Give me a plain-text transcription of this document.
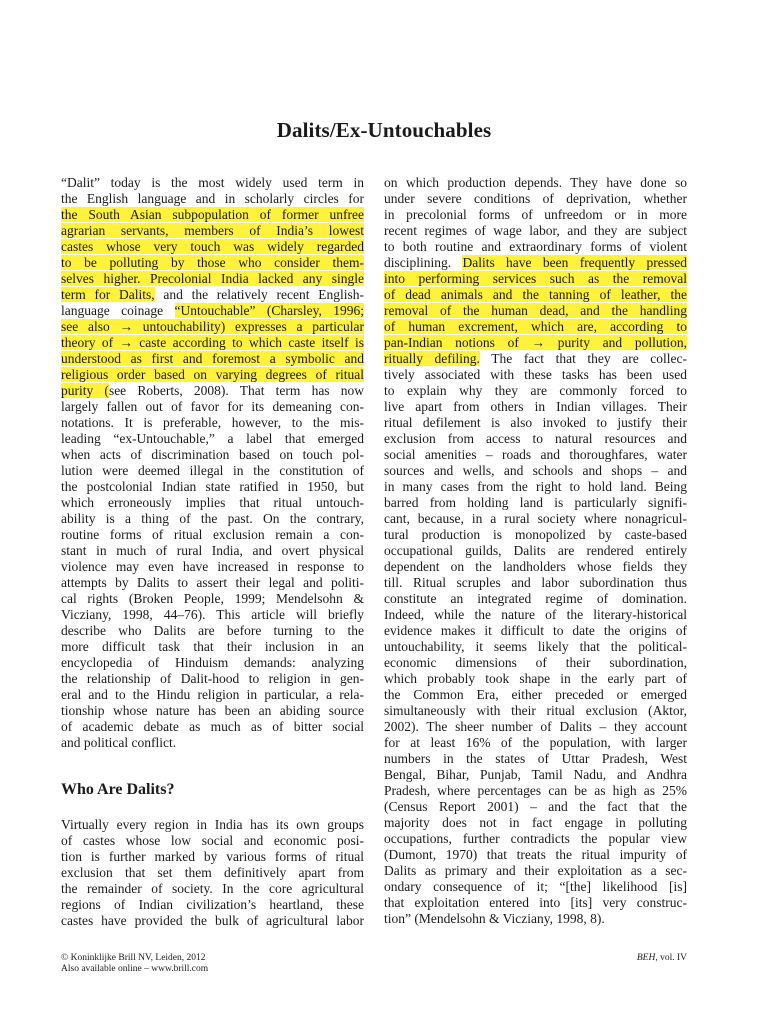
Dalits/Ex-Untouchables
“Dalit” today is the most widely used term in
the English language and in scholarly circles for
the South Asian subpopulation of former unfree
agrarian servants, members of India’s lowest
castes whose very touch was widely regarded
to be polluting by those who consider them-
selves higher. Precolonial India lacked any single
term for Dalits, and the relatively recent English-
language coinage “Untouchable” (Charsley, 1996;
see also → untouchability) expresses a particular
theory of → caste according to which caste itself is
understood as first and foremost a symbolic and
religious order based on varying degrees of ritual
purity (see Roberts, 2008). That term has now
largely fallen out of favor for its demeaning con-
notations. It is preferable, however, to the mis-
leading “ex-Untouchable,” a label that emerged
when acts of discrimination based on touch pol-
lution were deemed illegal in the constitution of
the postcolonial Indian state ratified in 1950, but
which erroneously implies that ritual untouch-
ability is a thing of the past. On the contrary,
routine forms of ritual exclusion remain a con-
stant in much of rural India, and overt physical
violence may even have increased in response to
attempts by Dalits to assert their legal and politi-
cal rights (Broken People, 1999; Mendelsohn &
Vicziany, 1998, 44–76). This article will briefly
describe who Dalits are before turning to the
more difficult task that their inclusion in an
encyclopedia of Hinduism demands: analyzing
the relationship of Dalit-hood to religion in gen-
eral and to the Hindu religion in particular, a rela-
tionship whose nature has been an abiding source
of academic debate as much as of bitter social
and political conflict.
Who Are Dalits?
Virtually every region in India has its own groups
of castes whose low social and economic posi-
tion is further marked by various forms of ritual
exclusion that set them definitively apart from
the remainder of society. In the core agricultural
regions of Indian civilization’s heartland, these
castes have provided the bulk of agricultural labor
on which production depends. They have done so
under severe conditions of deprivation, whether
in precolonial forms of unfreedom or in more
recent regimes of wage labor, and they are subject
to both routine and extraordinary forms of violent
disciplining. Dalits have been frequently pressed
into performing services such as the removal
of dead animals and the tanning of leather, the
removal of the human dead, and the handling
of human excrement, which are, according to
pan-Indian notions of → purity and pollution,
ritually defiling. The fact that they are collec-
tively associated with these tasks has been used
to explain why they are commonly forced to
live apart from others in Indian villages. Their
ritual defilement is also invoked to justify their
exclusion from access to natural resources and
social amenities – roads and thoroughfares, water
sources and wells, and schools and shops – and
in many cases from the right to hold land. Being
barred from holding land is particularly signifi-
cant, because, in a rural society where nonagricul-
tural production is monopolized by caste-based
occupational guilds, Dalits are rendered entirely
dependent on the landholders whose fields they
till. Ritual scruples and labor subordination thus
constitute an integrated regime of domination.
Indeed, while the nature of the literary-historical
evidence makes it difficult to date the origins of
untouchability, it seems likely that the political-
economic dimensions of their subordination,
which probably took shape in the early part of
the Common Era, either preceded or emerged
simultaneously with their ritual exclusion (Aktor,
2002). The sheer number of Dalits – they account
for at least 16% of the population, with larger
numbers in the states of Uttar Pradesh, West
Bengal, Bihar, Punjab, Tamil Nadu, and Andhra
Pradesh, where percentages can be as high as 25%
(Census Report 2001) – and the fact that the
majority does not in fact engage in polluting
occupations, further contradicts the popular view
(Dumont, 1970) that treats the ritual impurity of
Dalits as primary and their exploitation as a sec-
ondary consequence of it; “[the] likelihood [is]
that exploitation entered into [its] very construc-
tion” (Mendelsohn & Vicziany, 1998, 8).
© Koninklijke Brill NV, Leiden, 2012
Also available online – www.brill.com
BEH, vol. IV
